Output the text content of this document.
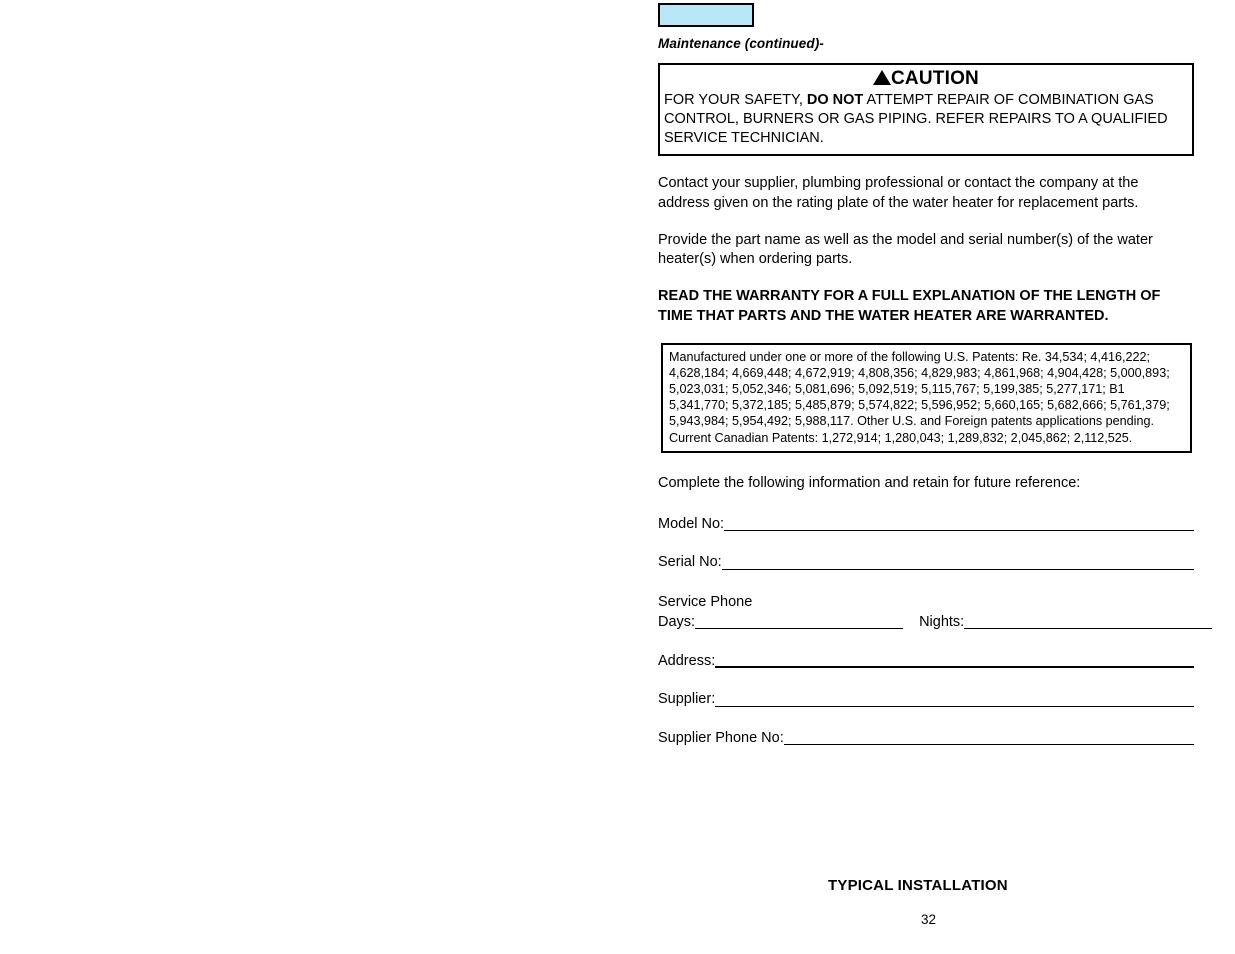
Maintenance (continued)-
CAUTION
FOR YOUR SAFETY, DO NOT ATTEMPT REPAIR OF COMBINATION GAS CONTROL, BURNERS OR GAS PIPING. REFER REPAIRS TO A QUALIFIED SERVICE TECHNICIAN.
Contact your supplier, plumbing professional or contact the company at the address given on the rating plate of the water heater for replacement parts.
Provide the part name as well as the model and serial number(s) of the water heater(s) when ordering parts.
READ THE WARRANTY FOR A FULL EXPLANATION OF THE LENGTH OF TIME THAT PARTS AND THE WATER HEATER ARE WARRANTED.
Manufactured under one or more of the following U.S. Patents: Re. 34,534; 4,416,222; 4,628,184; 4,669,448; 4,672,919; 4,808,356; 4,829,983; 4,861,968; 4,904,428; 5,000,893; 5,023,031; 5,052,346; 5,081,696; 5,092,519; 5,115,767; 5,199,385; 5,277,171; B1 5,341,770; 5,372,185; 5,485,879; 5,574,822; 5,596,952; 5,660,165; 5,682,666; 5,761,379; 5,943,984; 5,954,492; 5,988,117. Other U.S. and Foreign patents applications pending. Current Canadian Patents: 1,272,914; 1,280,043; 1,289,832; 2,045,862; 2,112,525.
Complete the following information and retain for future reference:
Model No:
Serial No:
Service Phone
Days:	Nights:
Address:
Supplier:
Supplier Phone No:
TYPICAL INSTALLATION
32
